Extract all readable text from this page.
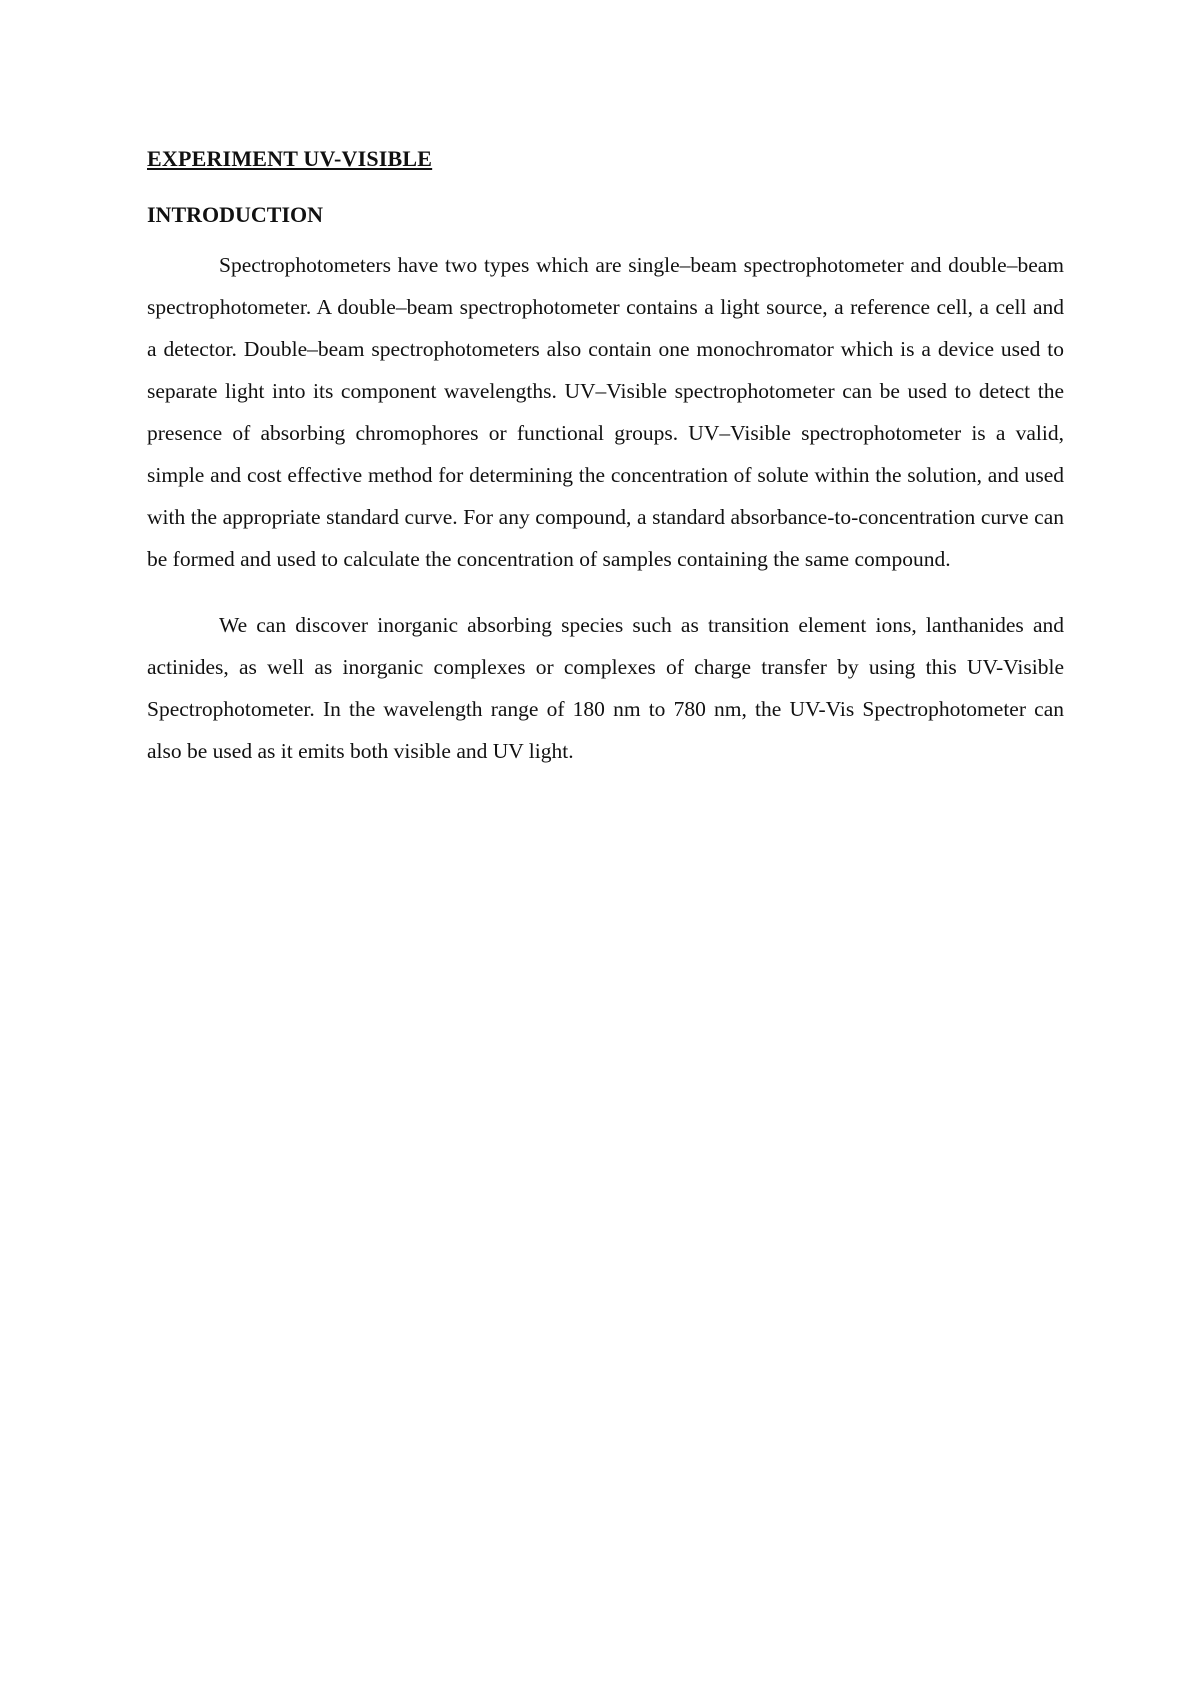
EXPERIMENT UV-VISIBLE
INTRODUCTION

Spectrophotometers have two types which are single–beam spectrophotometer and double–beam spectrophotometer. A double–beam spectrophotometer contains a light source, a reference cell, a cell and a detector. Double–beam spectrophotometers also contain one monochromator which is a device used to separate light into its component wavelengths. UV–Visible spectrophotometer can be used to detect the presence of absorbing chromophores or functional groups. UV–Visible spectrophotometer is a valid, simple and cost effective method for determining the concentration of solute within the solution, and used with the appropriate standard curve. For any compound, a standard absorbance-to-concentration curve can be formed and used to calculate the concentration of samples containing the same compound.

We can discover inorganic absorbing species such as transition element ions, lanthanides and actinides, as well as inorganic complexes or complexes of charge transfer by using this UV-Visible Spectrophotometer. In the wavelength range of 180 nm to 780 nm, the UV-Vis Spectrophotometer can also be used as it emits both visible and UV light.
